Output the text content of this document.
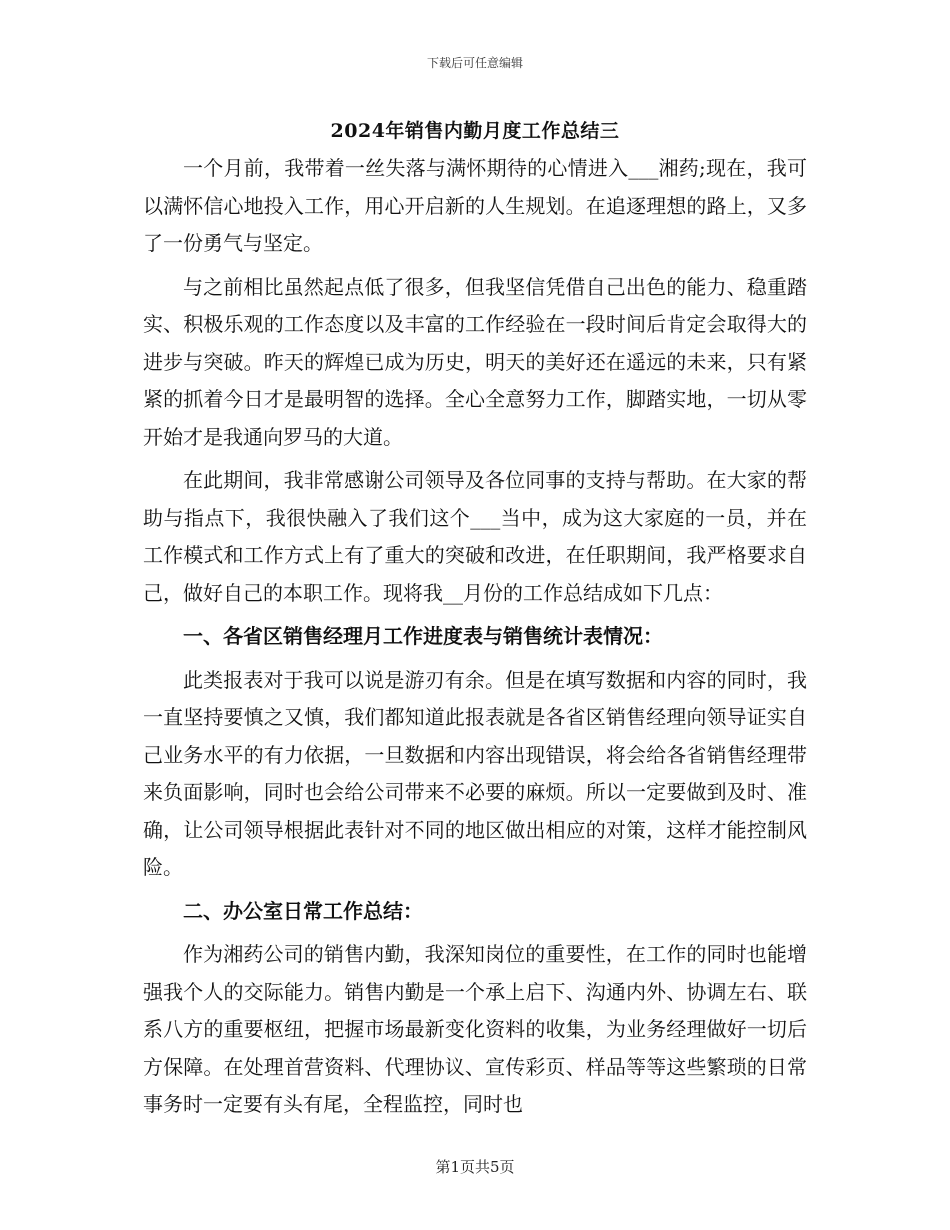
下载后可任意编辑
2024年销售内勤月度工作总结三

一个月前，我带着一丝失落与满怀期待的心情进入___湘药;现在，我可以满怀信心地投入工作，用心开启新的人生规划。在追逐理想的路上，又多了一份勇气与坚定。

与之前相比虽然起点低了很多，但我坚信凭借自己出色的能力、稳重踏实、积极乐观的工作态度以及丰富的工作经验在一段时间后肯定会取得大的进步与突破。昨天的辉煌已成为历史，明天的美好还在遥远的未来，只有紧紧的抓着今日才是最明智的选择。全心全意努力工作，脚踏实地，一切从零开始才是我通向罗马的大道。

在此期间，我非常感谢公司领导及各位同事的支持与帮助。在大家的帮助与指点下，我很快融入了我们这个___当中，成为这大家庭的一员，并在工作模式和工作方式上有了重大的突破和改进，在任职期间，我严格要求自己，做好自己的本职工作。现将我__月份的工作总结成如下几点：

一、各省区销售经理月工作进度表与销售统计表情况：

此类报表对于我可以说是游刃有余。但是在填写数据和内容的同时，我一直坚持要慎之又慎，我们都知道此报表就是各省区销售经理向领导证实自己业务水平的有力依据，一旦数据和内容出现错误，将会给各省销售经理带来负面影响，同时也会给公司带来不必要的麻烦。所以一定要做到及时、准确，让公司领导根据此表针对不同的地区做出相应的对策，这样才能控制风险。

二、办公室日常工作总结：

作为湘药公司的销售内勤，我深知岗位的重要性，在工作的同时也能增强我个人的交际能力。销售内勤是一个承上启下、沟通内外、协调左右、联系八方的重要枢纽，把握市场最新变化资料的收集，为业务经理做好一切后方保障。在处理首营资料、代理协议、宣传彩页、样品等等这些繁琐的日常事务时一定要有头有尾，全程监控，同时也

第1页共5页
